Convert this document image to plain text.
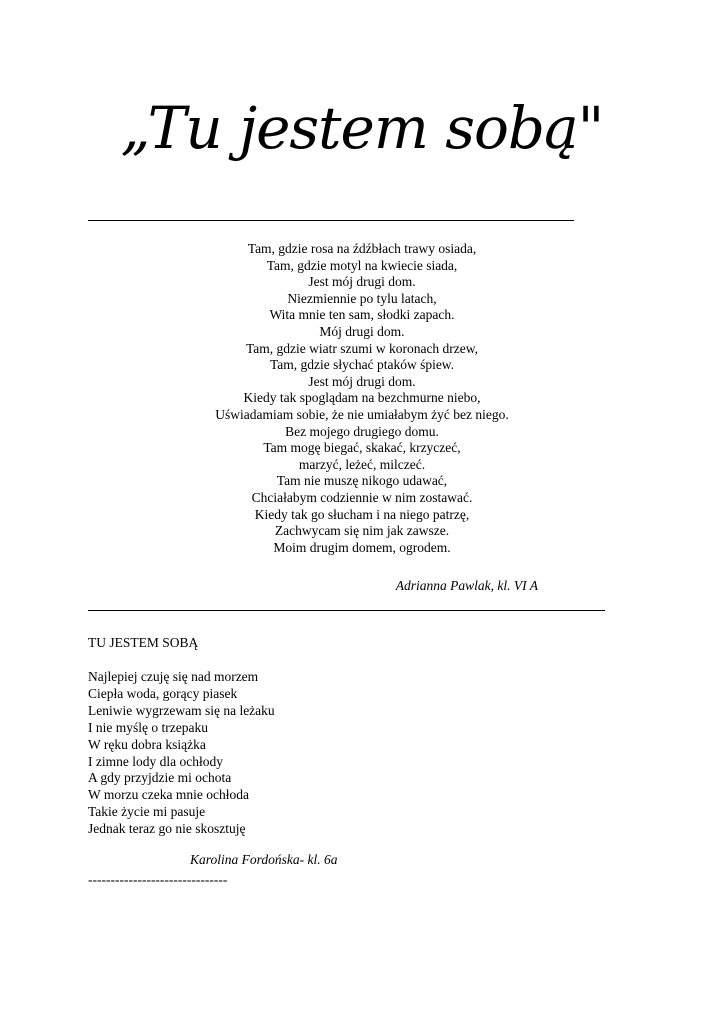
„Tu jestem sobą"
Tam, gdzie rosa na źdźbłach trawy osiada,
Tam, gdzie motyl na kwiecie siada,
Jest mój drugi dom.
Niezmiennie po tylu latach,
Wita mnie ten sam, słodki zapach.
Mój drugi dom.
Tam, gdzie wiatr szumi w koronach drzew,
Tam, gdzie słychać ptaków śpiew.
Jest mój drugi dom.
Kiedy tak spoglądam na bezchmurne niebo,
Uświadamiam sobie, że nie umiałabym żyć bez niego.
Bez mojego drugiego domu.
Tam mogę biegać, skakać, krzyczeć,
marzyć, leżeć, milczeć.
Tam nie muszę nikogo udawać,
Chciałabym codziennie w nim zostawać.
Kiedy tak go słucham i na niego patrzę,
Zachwycam się nim jak zawsze.
Moim drugim domem, ogrodem.
Adrianna Pawlak, kl. VI A
TU JESTEM SOBĄ
Najlepiej czuję się nad morzem
Ciepła woda, gorący piasek
Leniwie wygrzewam się na leżaku
I nie myślę o trzepaku
W ręku dobra książka
I zimne lody dla ochłody
A gdy przyjdzie mi ochota
W morzu czeka mnie ochłoda
Takie życie mi pasuje
Jednak teraz go nie skosztuję
Karolina Fordońska- kl. 6a
-------------------------------
